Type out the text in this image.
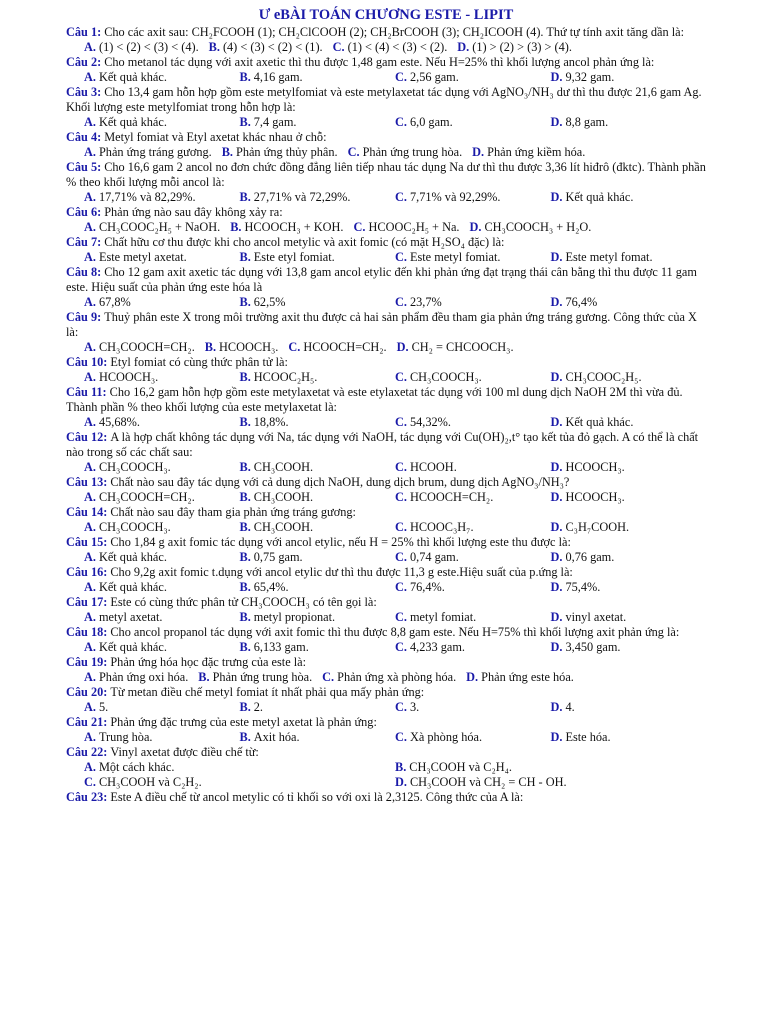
Ư eBÀI TOÁN CHƯƠNG ESTE - LIPIT

Câu 1: Cho các axit sau: CH₂FCOOH (1); CH₂ClCOOH (2); CH₂BrCOOH (3); CH₂ICOOH (4). Thứ tự tính axit tăng dần là:

A. (1) < (2) < (3) < (4). B. (4) < (3) < (2) < (1). C. (1) < (4) < (3) < (2). D. (1) > (2) > (3) > (4).

Câu 2: Cho metanol tác dụng với axit axetic thì thu được 1,48 gam este. Nếu H=25% thì khối lượng ancol phản ứng là:

A. Kết quả khác.	B. 4,16 gam.	C. 2,56 gam.	D. 9,32 gam.

Câu 3: Cho 13,4 gam hỗn hợp gồm este metylfomiat và este metylaxetat tác dụng với AgNO₃/NH₃ dư thì thu được 21,6 gam Ag. Khối lượng este metylfomiat trong hỗn hợp là:

A. Kết quả khác.	B. 7,4 gam.	C. 6,0 gam.	D. 8,8 gam.

Câu 4: Metyl fomiat và Etyl axetat khác nhau ở chỗ:

A. Phản ứng tráng gương. B. Phản ứng thủy phân. C. Phản ứng trung hòa. D. Phản ứng kiềm hóa.

Câu 5: Cho 16,6 gam 2 ancol no đơn chức đồng đẳng liên tiếp nhau tác dụng Na dư thì thu được 3,36 lít hiđrô (đktc). Thành phần % theo khối lượng mỗi ancol là:

A. 17,71% và 82,29%.	B. 27,71% và 72,29%.	C. 7,71% và 92,29%.	D. Kết quả khác.

Câu 6: Phản ứng nào sau đây không xảy ra:

A. CH₃COOC₂H₅ + NaOH. B. HCOOCH₃ + KOH. C. HCOOC₂H₅ + Na. D. CH₃COOCH₃ + H₂O.

Câu 7: Chất hữu cơ thu được khi cho ancol metylic và axit fomic (có mặt H₂SO₄ đặc) là:

A. Este metyl axetat.	B. Este etyl fomiat.	C. Este metyl fomiat.	D. Este metyl fomat.

Câu 8: Cho 12 gam axit axetic tác dụng với 13,8 gam ancol etylic đến khi phản ứng đạt trạng thái cân bằng thì thu được 11 gam este. Hiệu suất của phản ứng este hóa là

A. 67,8%	B. 62,5%	C. 23,7%	D. 76,4%

Câu 9: Thuỷ phân este X trong môi trường axit thu được cả hai sản phẩm đều tham gia phản ứng tráng gương. Công thức của X là:

A. CH₃COOCH=CH₂. B. HCOOCH₃. C. HCOOCH=CH₂. D. CH₂ = CHCOOCH₃.

Câu 10: Etyl fomiat có cùng thức phân tử là:

A. HCOOCH₃.	B. HCOOC₂H₅.	C. CH₃COOCH₃.	D. CH₃COOC₂H₅.

Câu 11: Cho 16,2 gam hỗn hợp gồm este metylaxetat và este etylaxetat tác dụng với 100 ml dung dịch NaOH 2M thì vừa đủ. Thành phần % theo khối lượng của este metylaxetat là:

A. 45,68%.	B. 18,8%.	C. 54,32%.	D. Kết quả khác.

Câu 12: A là hợp chất không tác dụng với Na, tác dụng với NaOH, tác dụng với Cu(OH)₂,t° tạo kết tủa đỏ gạch. A có thể là chất nào trong số các chất sau:

A. CH₃COOCH₃.	B. CH₃COOH.	C. HCOOH.	D. HCOOCH₃.

Câu 13: Chất nào sau đây tác dụng với cả dung dịch NaOH, dung dịch brum, dung dịch AgNO₃/NH₃?

A. CH₃COOCH=CH₂.	B. CH₃COOH.	C. HCOOCH=CH₂.	D. HCOOCH₃.

Câu 14: Chất nào sau đây tham gia phản ứng tráng gương:

A. CH₃COOCH₃.	B. CH₃COOH.	C. HCOOC₃H₇.	D. C₃H₇COOH.

Câu 15: Cho 1,84 g axit fomic tác dụng với ancol etylic, nếu H = 25% thì khối lượng este thu được là:

A. Kết quả khác.	B. 0,75 gam.	C. 0,74 gam.	D. 0,76 gam.

Câu 16: Cho 9,2g axit fomic t.dụng với ancol etylic dư thì thu được 11,3 g este.Hiệu suất của p.ứng là:

A. Kết quả khác.	B. 65,4%.	C. 76,4%.	D. 75,4%.

Câu 17: Este có cùng thức phân tử CH₃COOCH₃ có tên gọi là:

A. metyl axetat.	B. metyl propionat.	C. metyl fomiat.	D. vinyl axetat.

Câu 18: Cho ancol propanol tác dụng với axit fomic thì thu được 8,8 gam este. Nếu H=75% thì khối lượng axit phản ứng là:

A. Kết quả khác.	B. 6,133 gam.	C. 4,233 gam.	D. 3,450 gam.

Câu 19: Phản ứng hóa học đặc trưng của este là:

A. Phản ứng oxi hóa. B. Phản ứng trung hòa. C. Phản ứng xà phòng hóa. D. Phản ứng este hóa.

Câu 20: Từ metan điều chế metyl fomiat ít nhất phải qua mấy phản ứng:

A. 5.	B. 2.	C. 3.	D. 4.

Câu 21: Phản ứng đặc trưng của este metyl axetat là phản ứng:

A. Trung hòa.	B. Axit hóa.	C. Xà phòng hóa.	D. Este hóa.

Câu 22: Vinyl axetat được điều chế từ:

A. Một cách khác.	B. CH₃COOH và C₂H₄.
C. CH₃COOH và C₂H₂.	D. CH₃COOH và CH₂ = CH - OH.

Câu 23: Este A điều chế từ ancol metylic có tỉ khối so với oxi là 2,3125. Công thức của A là:
